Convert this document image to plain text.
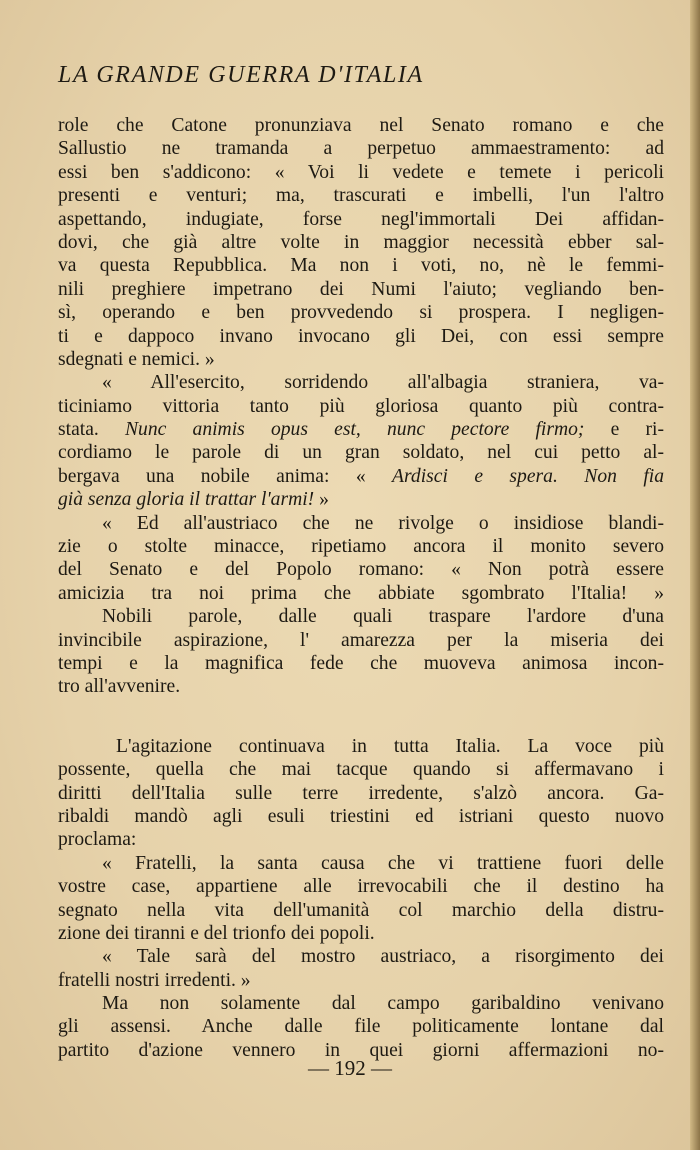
LA GRANDE GUERRA D'ITALIA
role che Catone pronunziava nel Senato romano e che
Sallustio ne tramanda a perpetuo ammaestramento: ad
essi ben s'addicono: « Voi li vedete e temete i pericoli
presenti e venturi; ma, trascurati e imbelli, l'un l'altro
aspettando, indugiate, forse negl'immortali Dei affidan-
dovi, che già altre volte in maggior necessità ebber sal-
va questa Repubblica. Ma non i voti, no, nè le femmi-
nili preghiere impetrano dei Numi l'aiuto; vegliando ben-
sì, operando e ben provvedendo si prospera. I negligen-
ti e dappoco invano invocano gli Dei, con essi sempre
sdegnati e nemici. »
« All'esercito, sorridendo all'albagia straniera, va-
ticiniamo vittoria tanto più gloriosa quanto più contra-
stata. Nunc animis opus est, nunc pectore firmo; e ri-
cordiamo le parole di un gran soldato, nel cui petto al-
bergava una nobile anima: « Ardisci e spera. Non fia
già senza gloria il trattar l'armi! »
« Ed all'austriaco che ne rivolge o insidiose blandi-
zie o stolte minacce, ripetiamo ancora il monito severo
del Senato e del Popolo romano: « Non potrà essere
amicizia tra noi prima che abbiate sgombrato l'Italia! »
Nobili parole, dalle quali traspare l'ardore d'una
invincibile aspirazione, l' amarezza per la miseria dei
tempi e la magnifica fede che muoveva animosa incon-
tro all'avvenire.
L'agitazione continuava in tutta Italia. La voce più
possente, quella che mai tacque quando si affermavano i
diritti dell'Italia sulle terre irredente, s'alzò ancora. Ga-
ribaldi mandò agli esuli triestini ed istriani questo nuovo
proclama:
« Fratelli, la santa causa che vi trattiene fuori delle
vostre case, appartiene alle irrevocabili che il destino ha
segnato nella vita dell'umanità col marchio della distru-
zione dei tiranni e del trionfo dei popoli.
« Tale sarà del mostro austriaco, a risorgimento dei
fratelli nostri irredenti. »
Ma non solamente dal campo garibaldino venivano
gli assensi. Anche dalle file politicamente lontane dal
partito d'azione vennero in quei giorni affermazioni no-
— 192 —
